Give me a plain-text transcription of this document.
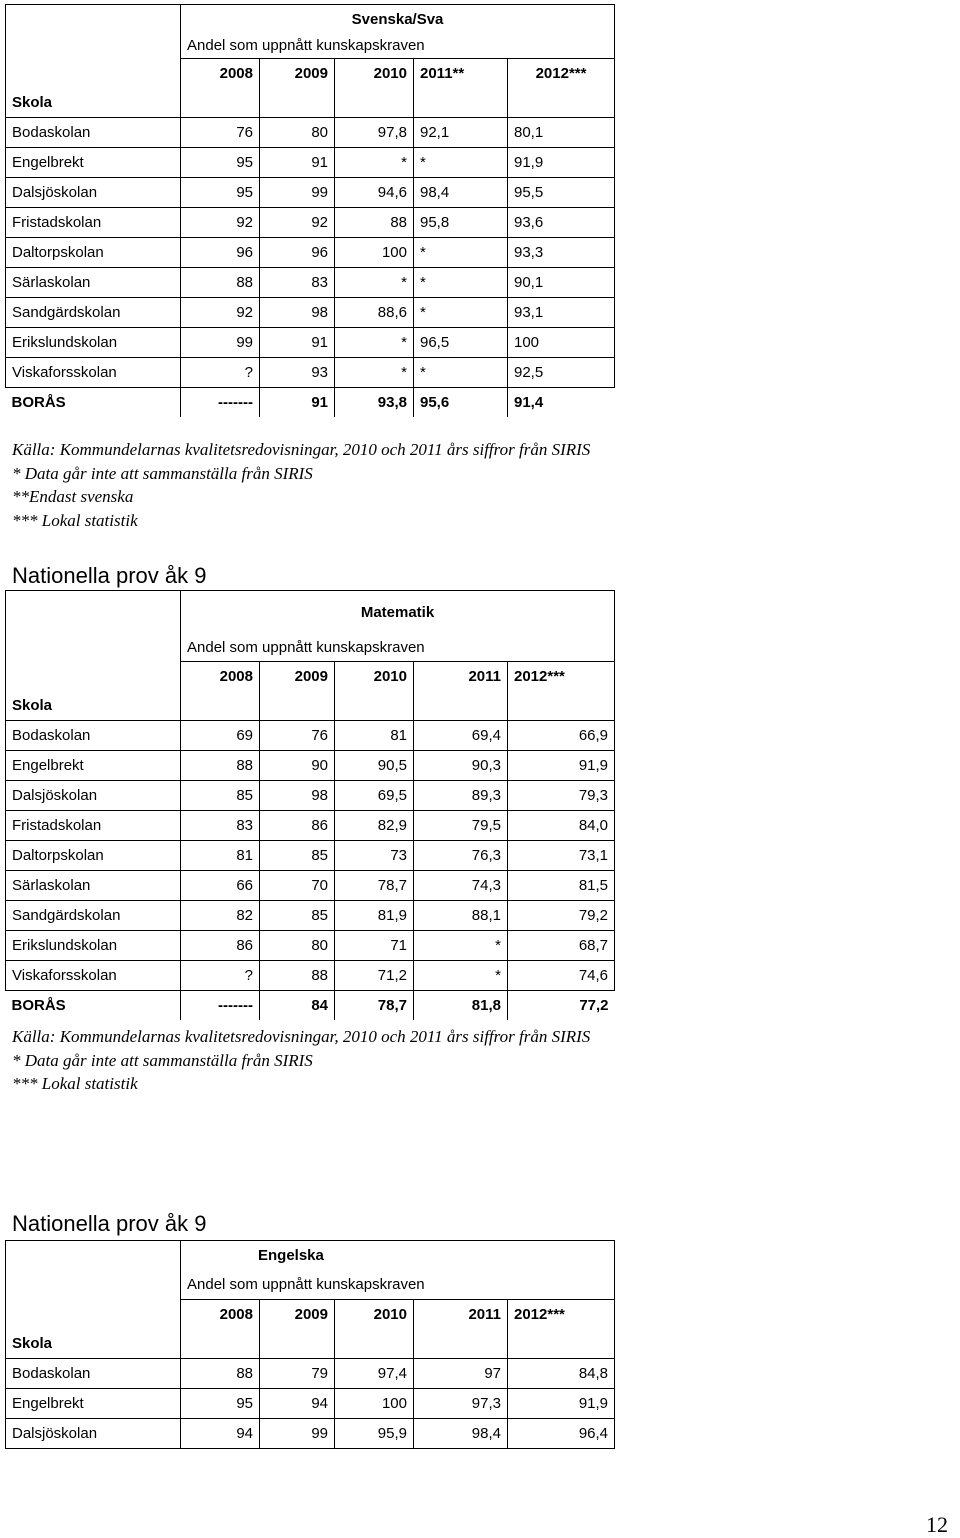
Skola	Svenska/Sva				
	Andel som uppnått kunskapskraven				
	2008	2009	2010	2011**	2012***

Bodaskolan	76	80	97,8	92,1	80,1
Engelbrekt	95	91	*	*	91,9
Dalsjöskolan	95	99	94,6	98,4	95,5
Fristadskolan	92	92	88	95,8	93,6
Daltorpskolan	96	96	100	*	93,3
Särlaskolan	88	83	*	*	90,1
Sandgärdskolan	92	98	88,6	*	93,1
Erikslundskolan	99	91	*	96,5	100
Viskaforsskolan	?	93	*	*	92,5
BORÅS	-------	91	93,8	95,6	91,4
Källa: Kommundelarnas kvalitetsredovisningar, 2010 och 2011 års siffror från SIRIS
* Data går inte att sammanställa från SIRIS
**Endast svenska
*** Lokal statistik
Nationella prov åk 9
Skola	Matematik				
	Andel som uppnått kunskapskraven				
	2008	2009	2010	2011	2012***

Bodaskolan	69	76	81	69,4	66,9
Engelbrekt	88	90	90,5	90,3	91,9
Dalsjöskolan	85	98	69,5	89,3	79,3
Fristadskolan	83	86	82,9	79,5	84,0
Daltorpskolan	81	85	73	76,3	73,1
Särlaskolan	66	70	78,7	74,3	81,5
Sandgärdskolan	82	85	81,9	88,1	79,2
Erikslundskolan	86	80	71	*	68,7
Viskaforsskolan	?	88	71,2	*	74,6
BORÅS	-------	84	78,7	81,8	77,2
Källa: Kommundelarnas kvalitetsredovisningar, 2010 och 2011 års siffror från SIRIS
* Data går inte att sammanställa från SIRIS
*** Lokal statistik
Nationella prov åk 9
Skola	Engelska				
	Andel som uppnått kunskapskraven				
	2008	2009	2010	2011	2012***

Bodaskolan	88	79	97,4	97	84,8
Engelbrekt	95	94	100	97,3	91,9
Dalsjöskolan	94	99	95,9	98,4	96,4
12
